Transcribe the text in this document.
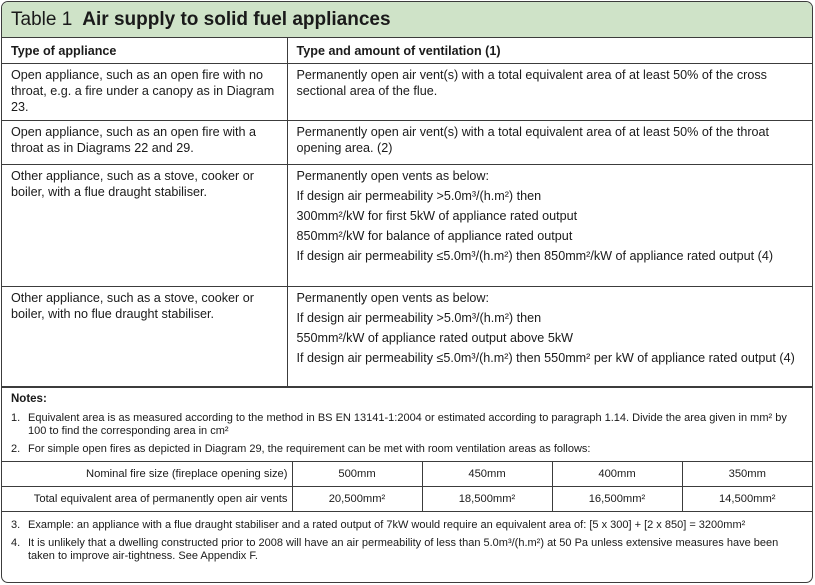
Table 1 Air supply to solid fuel appliances
Type of appliance	Type and amount of ventilation (1)
Open appliance, such as an open fire with no throat, e.g. a fire under a canopy as in Diagram 23.	Permanently open air vent(s) with a total equivalent area of at least 50% of the cross sectional area of the flue.

Open appliance, such as an open fire with a throat as in Diagrams 22 and 29.	Permanently open air vent(s) with a total equivalent area of at least 50% of the throat opening area. (2)

Other appliance, such as a stove, cooker or boiler, with a flue draught stabiliser.	Permanently open vents as below:
If design air permeability >5.0m³/(h.m²) then
300mm²/kW for first 5kW of appliance rated output
850mm²/kW for balance of appliance rated output
If design air permeability ≤5.0m³/(h.m²) then 850mm²/kW of appliance rated output (4)

Other appliance, such as a stove, cooker or boiler, with no flue draught stabiliser.	Permanently open vents as below:
If design air permeability >5.0m³/(h.m²) then
550mm²/kW of appliance rated output above 5kW
If design air permeability ≤5.0m³/(h.m²) then 550mm² per kW of appliance rated output (4)
Notes:
1. Equivalent area is as measured according to the method in BS EN 13141-1:2004 or estimated according to paragraph 1.14. Divide the area given in mm² by 100 to find the corresponding area in cm²
2. For simple open fires as depicted in Diagram 29, the requirement can be met with room ventilation areas as follows:
Nominal fire size (fireplace opening size)	500mm	450mm	400mm	350mm
Total equivalent area of permanently open air vents	20,500mm²	18,500mm²	16,500mm²	14,500mm²
3. Example: an appliance with a flue draught stabiliser and a rated output of 7kW would require an equivalent area of: [5 x 300] + [2 x 850] = 3200mm²
4. It is unlikely that a dwelling constructed prior to 2008 will have an air permeability of less than 5.0m³/(h.m²) at 50 Pa unless extensive measures have been taken to improve air-tightness. See Appendix F.
